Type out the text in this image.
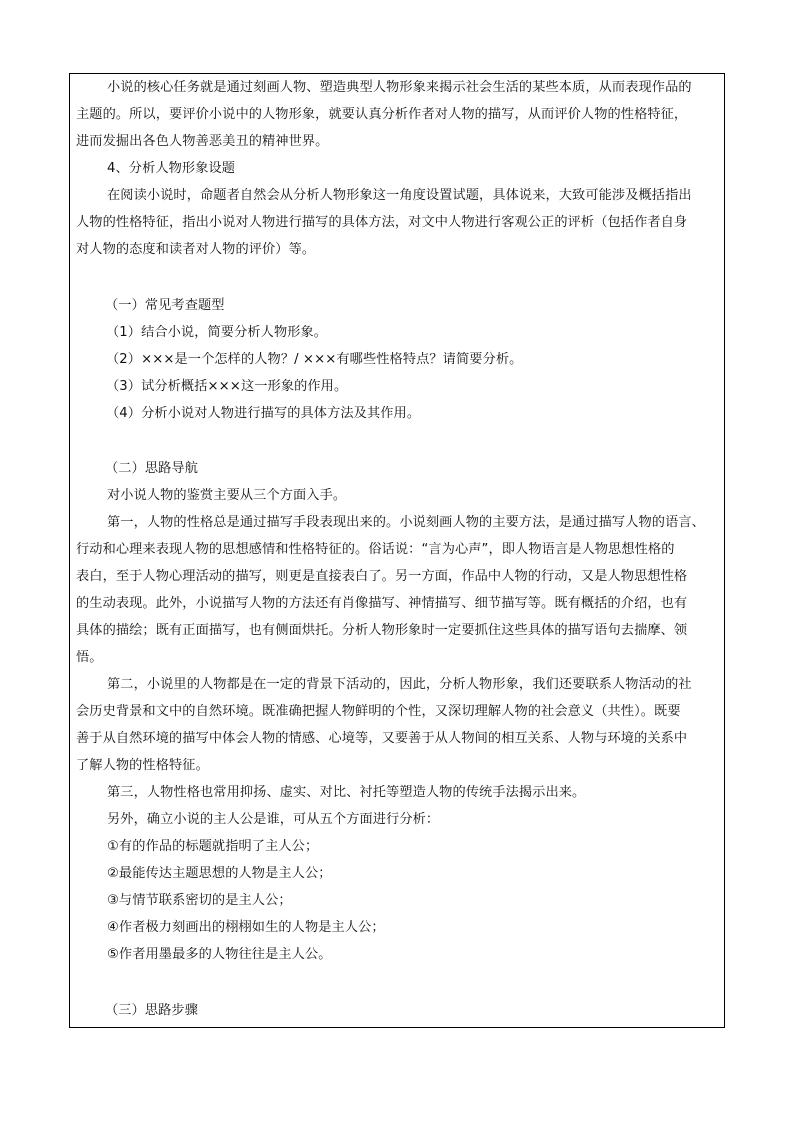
小说的核心任务就是通过刻画人物、塑造典型人物形象来揭示社会生活的某些本质，从而表现作品的
主题的。所以，要评价小说中的人物形象，就要认真分析作者对人物的描写，从而评价人物的性格特征，
进而发掘出各色人物善恶美丑的精神世界。
4、分析人物形象设题
在阅读小说时，命题者自然会从分析人物形象这一角度设置试题，具体说来，大致可能涉及概括指出
人物的性格特征，指出小说对人物进行描写的具体方法，对文中人物进行客观公正的评析（包括作者自身
对人物的态度和读者对人物的评价）等。
（一）常见考查题型
（1）结合小说，简要分析人物形象。
（2）×××是一个怎样的人物？/ ×××有哪些性格特点？请简要分析。
（3）试分析概括×××这一形象的作用。
（4）分析小说对人物进行描写的具体方法及其作用。
（二）思路导航
对小说人物的鉴赏主要从三个方面入手。
第一，人物的性格总是通过描写手段表现出来的。小说刻画人物的主要方法，是通过描写人物的语言、
行动和心理来表现人物的思想感情和性格特征的。俗话说：“言为心声”，即人物语言是人物思想性格的
表白，至于人物心理活动的描写，则更是直接表白了。另一方面，作品中人物的行动，又是人物思想性格
的生动表现。此外，小说描写人物的方法还有肖像描写、神情描写、细节描写等。既有概括的介绍，也有
具体的描绘；既有正面描写，也有侧面烘托。分析人物形象时一定要抓住这些具体的描写语句去揣摩、领
悟。
第二，小说里的人物都是在一定的背景下活动的，因此，分析人物形象，我们还要联系人物活动的社
会历史背景和文中的自然环境。既准确把握人物鲜明的个性，又深切理解人物的社会意义（共性）。既要
善于从自然环境的描写中体会人物的情感、心境等，又要善于从人物间的相互关系、人物与环境的关系中
了解人物的性格特征。
第三，人物性格也常用抑扬、虚实、对比、衬托等塑造人物的传统手法揭示出来。
另外，确立小说的主人公是谁，可从五个方面进行分析：
①有的作品的标题就指明了主人公；
②最能传达主题思想的人物是主人公；
③与情节联系密切的是主人公；
④作者极力刻画出的栩栩如生的人物是主人公；
⑤作者用墨最多的人物往往是主人公。
（三）思路步骤
